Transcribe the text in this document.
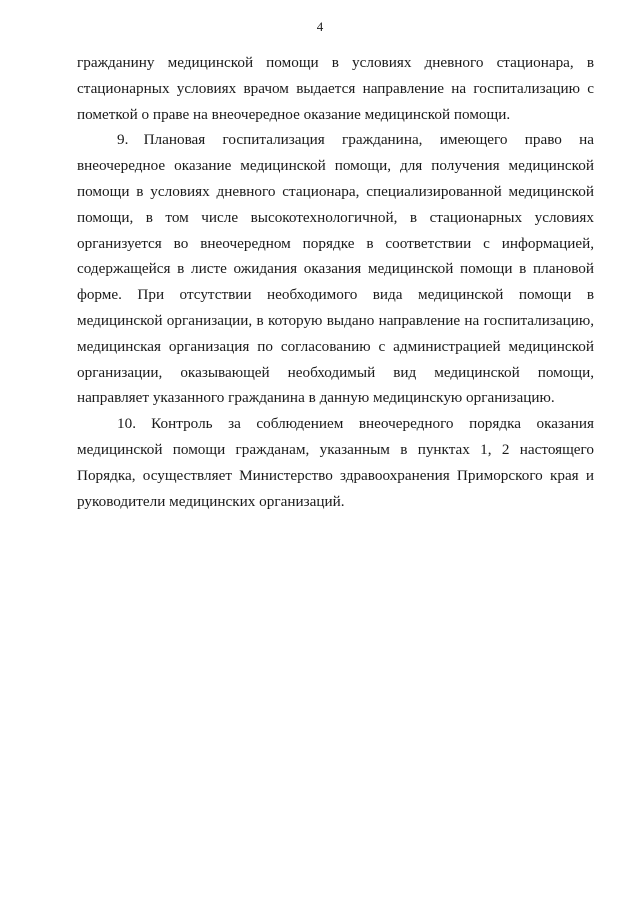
4

гражданину медицинской помощи в условиях дневного стационара, в стационарных условиях врачом выдается направление на госпитализацию с пометкой о праве на внеочередное оказание медицинской помощи.

9.  Плановая госпитализация гражданина, имеющего право на внеочередное оказание медицинской помощи, для получения медицинской помощи в условиях дневного стационара, специализированной медицинской помощи, в том числе высокотехнологичной, в стационарных условиях организуется во внеочередном порядке в соответствии с информацией, содержащейся в листе ожидания оказания медицинской помощи в плановой форме. При отсутствии необходимого вида медицинской помощи в медицинской организации, в которую выдано направление на госпитализацию, медицинская организация по согласованию с администрацией медицинской организации, оказывающей необходимый вид медицинской помощи, направляет указанного гражданина в данную медицинскую организацию.

10.  Контроль за соблюдением внеочередного порядка оказания медицинской помощи гражданам, указанным в пунктах 1, 2 настоящего Порядка, осуществляет Министерство здравоохранения Приморского края и руководители медицинских организаций.
